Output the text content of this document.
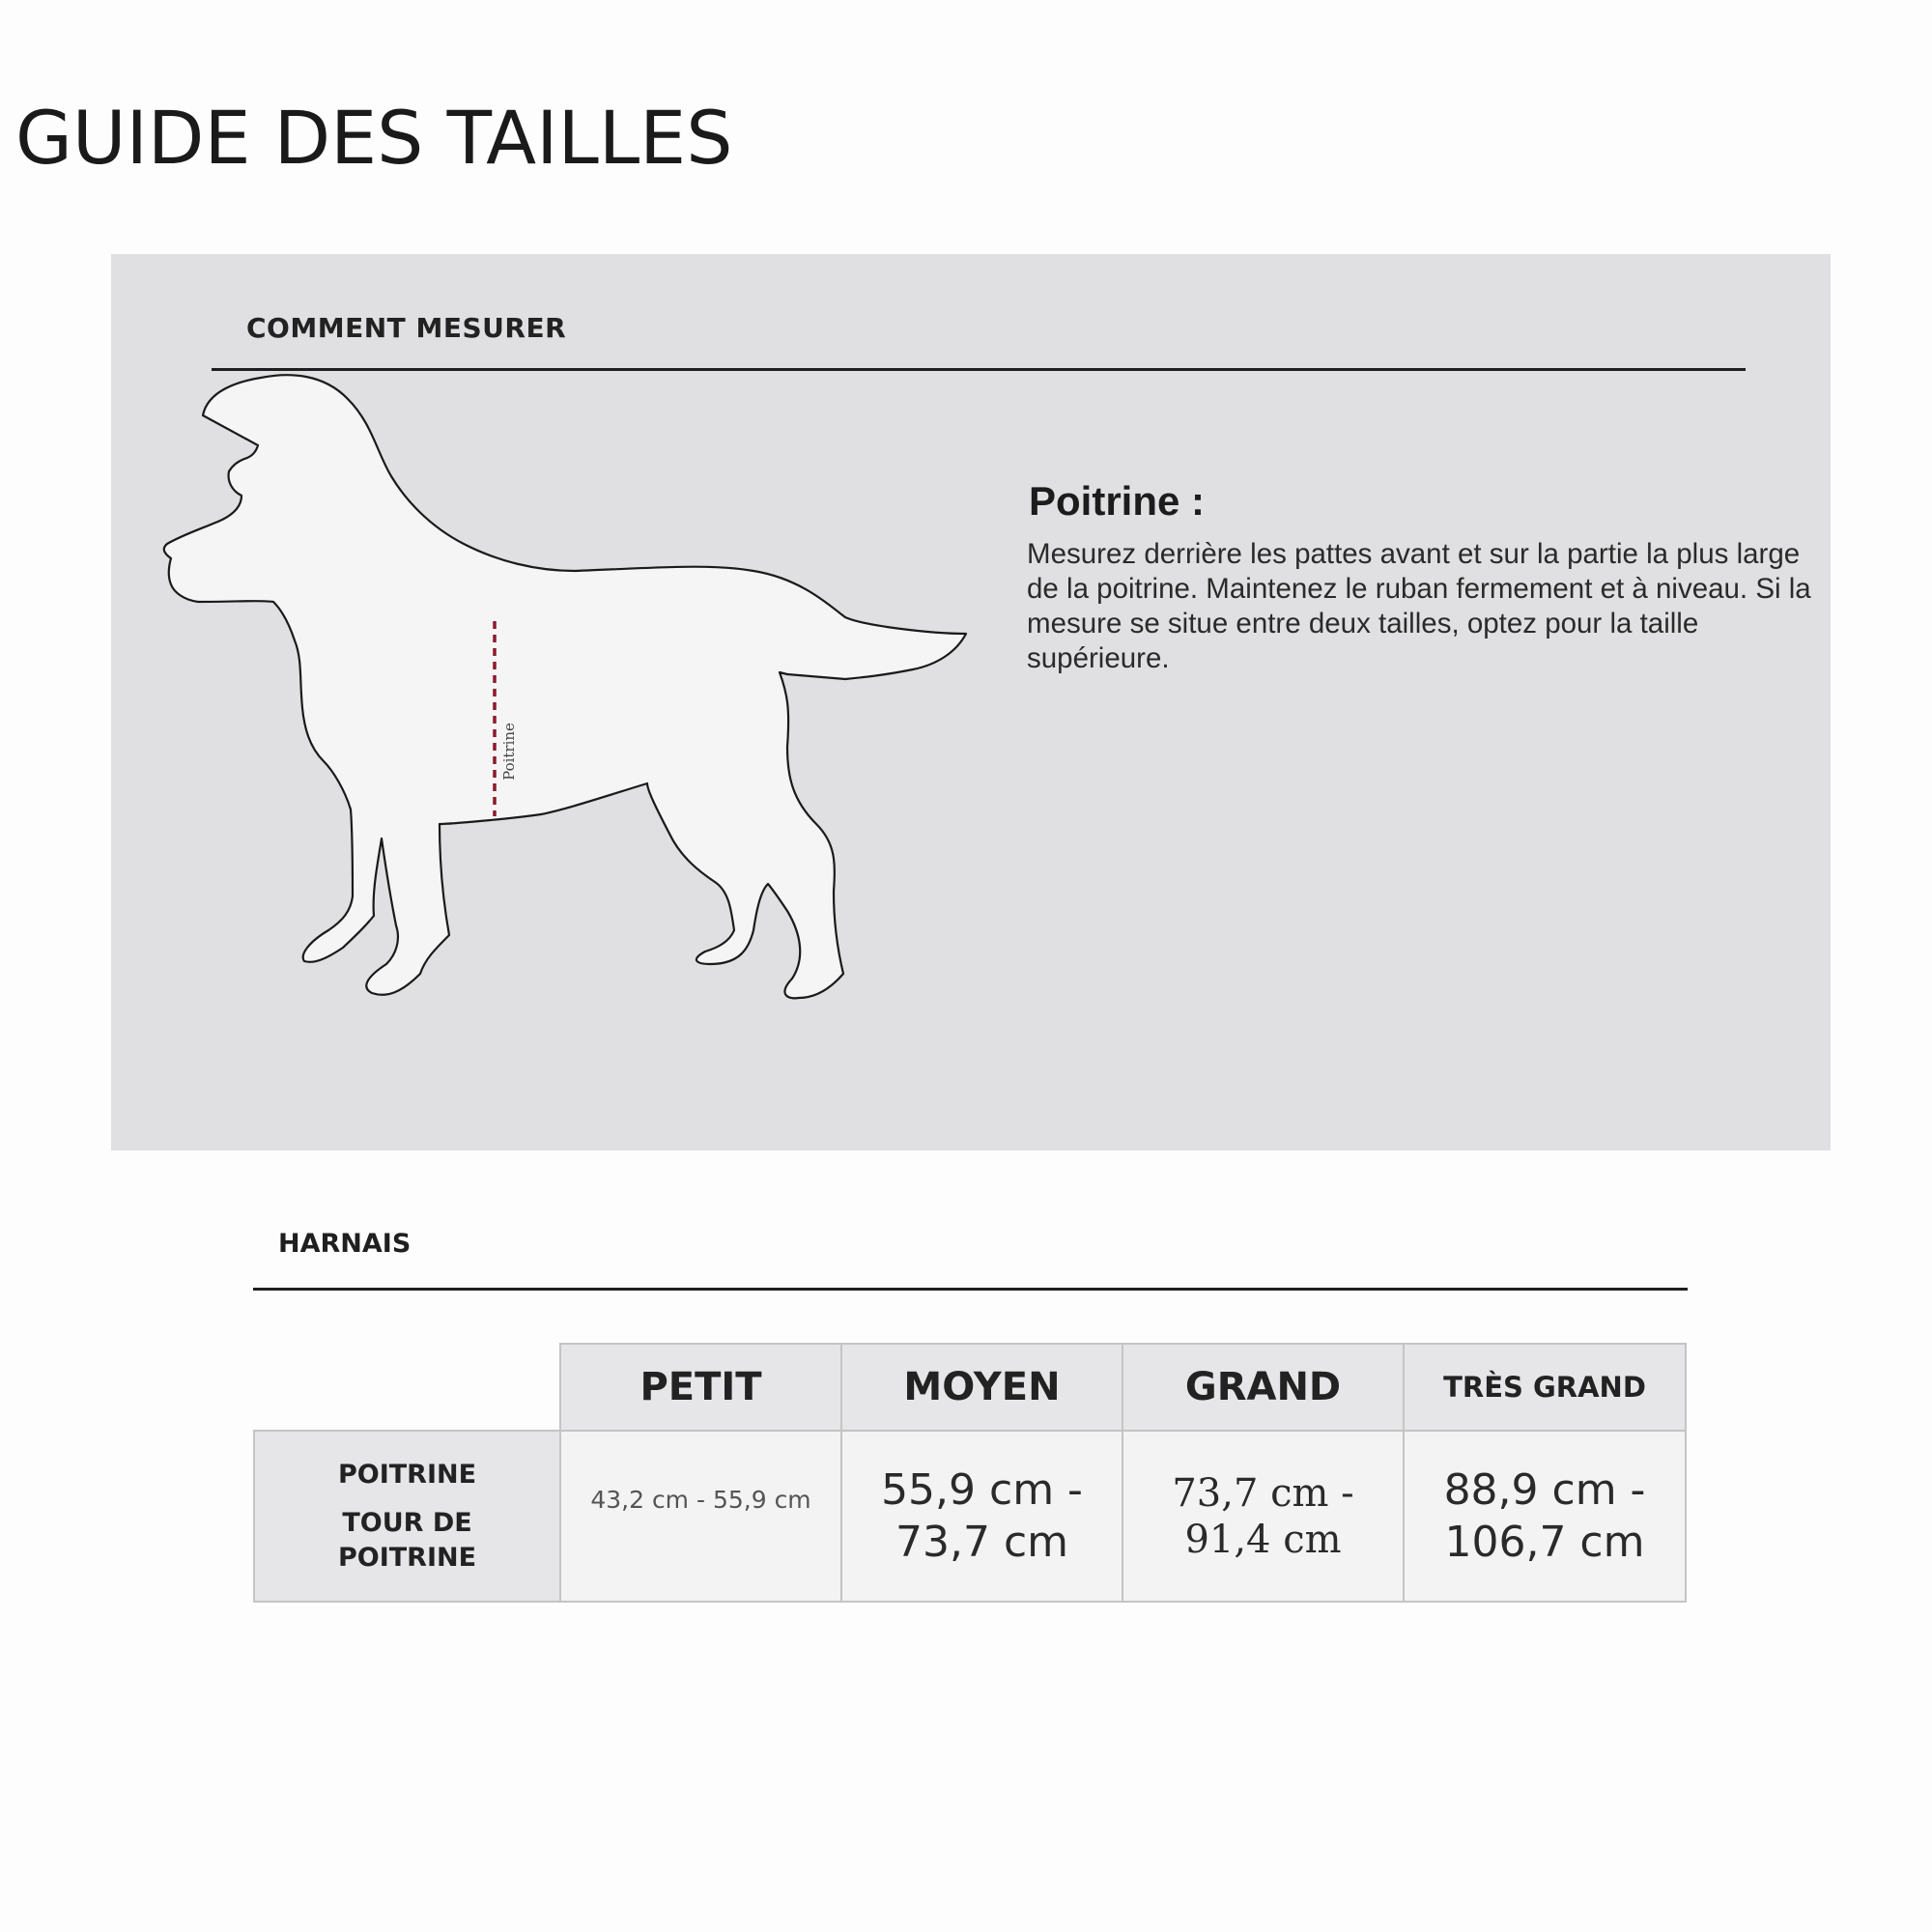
GUIDE DES TAILLES
COMMENT MESURER
Poitrine
Poitrine :
Mesurez derrière les pattes avant et sur la partie la plus large de la poitrine. Maintenez le ruban fermement et à niveau. Si la mesure se situe entre deux tailles, optez pour la taille supérieure.
HARNAIS
	PETIT	MOYEN	GRAND	TRÈS GRAND

POITRINE
TOUR DE POITRINE	43,2 cm - 55,9 cm	55,9 cm - 73,7 cm	73,7 cm - 91,4 cm	88,9 cm - 106,7 cm
